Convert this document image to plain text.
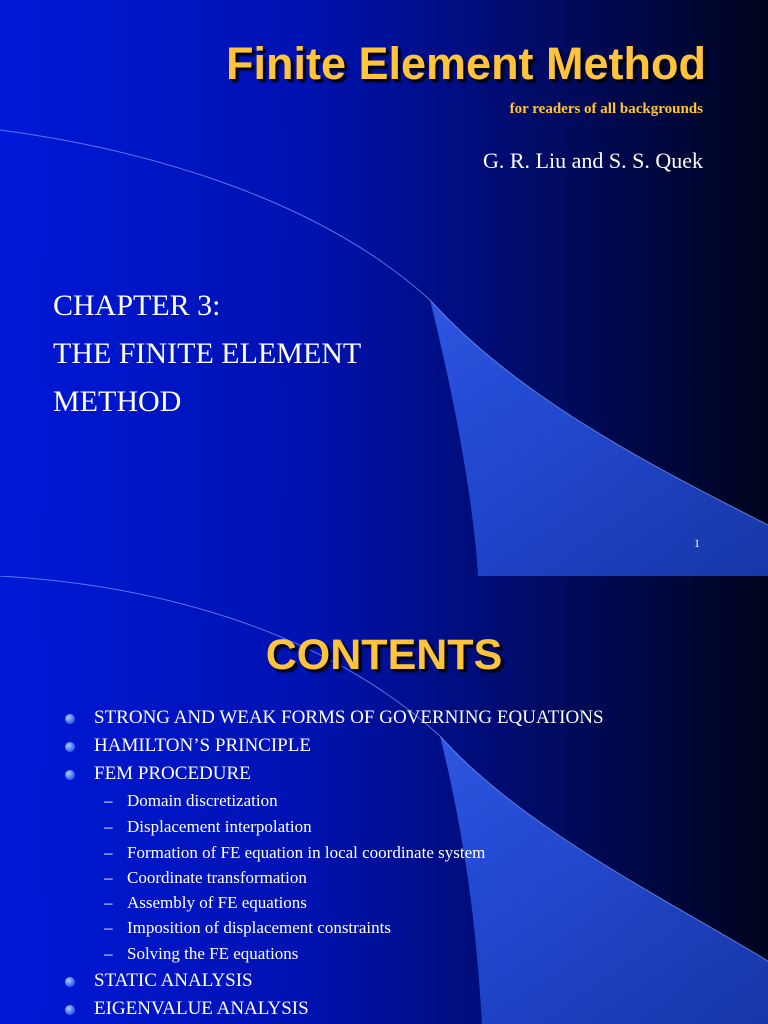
Finite Element Method

for readers of all backgrounds

G. R. Liu and S. S. Quek

CHAPTER 3:
THE FINITE ELEMENT
METHOD
1
CONTENTS
STRONG AND WEAK FORMS OF GOVERNING EQUATIONS
HAMILTON’S PRINCIPLE
FEM PROCEDURE
– Domain discretization
– Displacement interpolation
– Formation of FE equation in local coordinate system
– Coordinate transformation
– Assembly of FE equations
– Imposition of displacement constraints
– Solving the FE equations
STATIC ANALYSIS
EIGENVALUE ANALYSIS
